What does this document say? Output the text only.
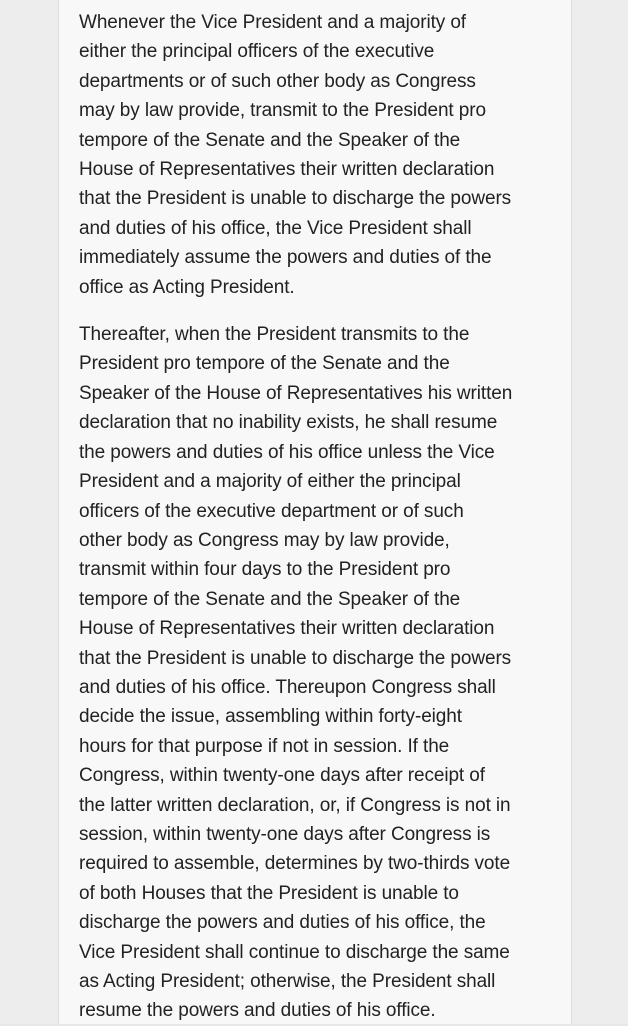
Whenever the Vice President and a majority of
either the principal officers of the executive
departments or of such other body as Congress
may by law provide, transmit to the President pro
tempore of the Senate and the Speaker of the
House of Representatives their written declaration
that the President is unable to discharge the powers
and duties of his office, the Vice President shall
immediately assume the powers and duties of the
office as Acting President.

Thereafter, when the President transmits to the
President pro tempore of the Senate and the
Speaker of the House of Representatives his written
declaration that no inability exists, he shall resume
the powers and duties of his office unless the Vice
President and a majority of either the principal
officers of the executive department or of such
other body as Congress may by law provide,
transmit within four days to the President pro
tempore of the Senate and the Speaker of the
House of Representatives their written declaration
that the President is unable to discharge the powers
and duties of his office. Thereupon Congress shall
decide the issue, assembling within forty-eight
hours for that purpose if not in session. If the
Congress, within twenty-one days after receipt of
the latter written declaration, or, if Congress is not in
session, within twenty-one days after Congress is
required to assemble, determines by two-thirds vote
of both Houses that the President is unable to
discharge the powers and duties of his office, the
Vice President shall continue to discharge the same
as Acting President; otherwise, the President shall
resume the powers and duties of his office.
